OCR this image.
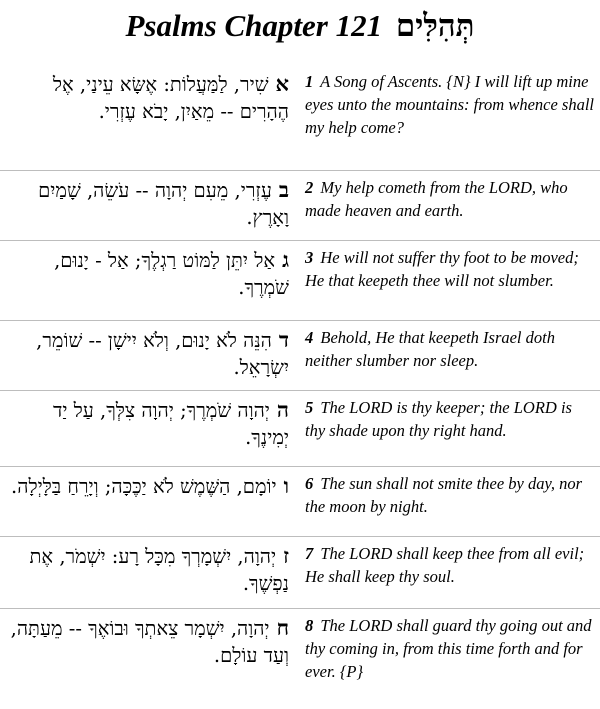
Psalms Chapter 121 תְּהִלִּים
אשִׁיר, לַמַּעֲלוֹת: אֶשָּׂא עֵינַי, אֶל הֶהָרִים -- מֵאַיִן, יָבֹא עֶזְרִי.
1 A Song of Ascents. {N} I will lift up mine eyes unto the mountains: from whence shall my help come?
בעֶזְרִי, מֵעִם יְהוָה -- עֹשֵׂה, שָׁמַיִם וָאָרֶץ.
2 My help cometh from the LORD, who made heaven and earth.
גאַל יִתֵּן לַמּוֹט רַגְלֶךָ; אַל - יָנוּם, שֹׁמְרֶךָ.
3 He will not suffer thy foot to be moved; He that keepeth thee will not slumber.
דהִנֵּה לֹא יָנוּם, וְלֹא יִישָׁן -- שׁוֹמֵר, יִשְׂרָאֵל.
4 Behold, He that keepeth Israel doth neither slumber nor sleep.
היְהוָה שֹׁמְרֶךָ; יְהוָה צִלְּךָ, עַל יַד יְמִינֶךָ.
5 The LORD is thy keeper; the LORD is thy shade upon thy right hand.
ויוֹמָם, הַשֶּׁמֶשׁ לֹא יַכֶּכָּה; וְיָרֵחַ בַּלָּיְלָה.	6 The sun shall not smite thee by day, nor the moon by night.
זיְהוָה, יִשְׁמָרְךָ מִכָּל רָע: יִשְׁמֹר, אֶת נַפְשֶׁךָ.
7 The LORD shall keep thee from all evil; He shall keep thy soul.
חיְהוָה, יִשְׁמָר צֵאתְךָ וּבוֹאֶךָ -- מֵעַתָּה, וְעַד עוֹלָם.
8 The LORD shall guard thy going out and thy coming in, from this time forth and for ever. {P}
